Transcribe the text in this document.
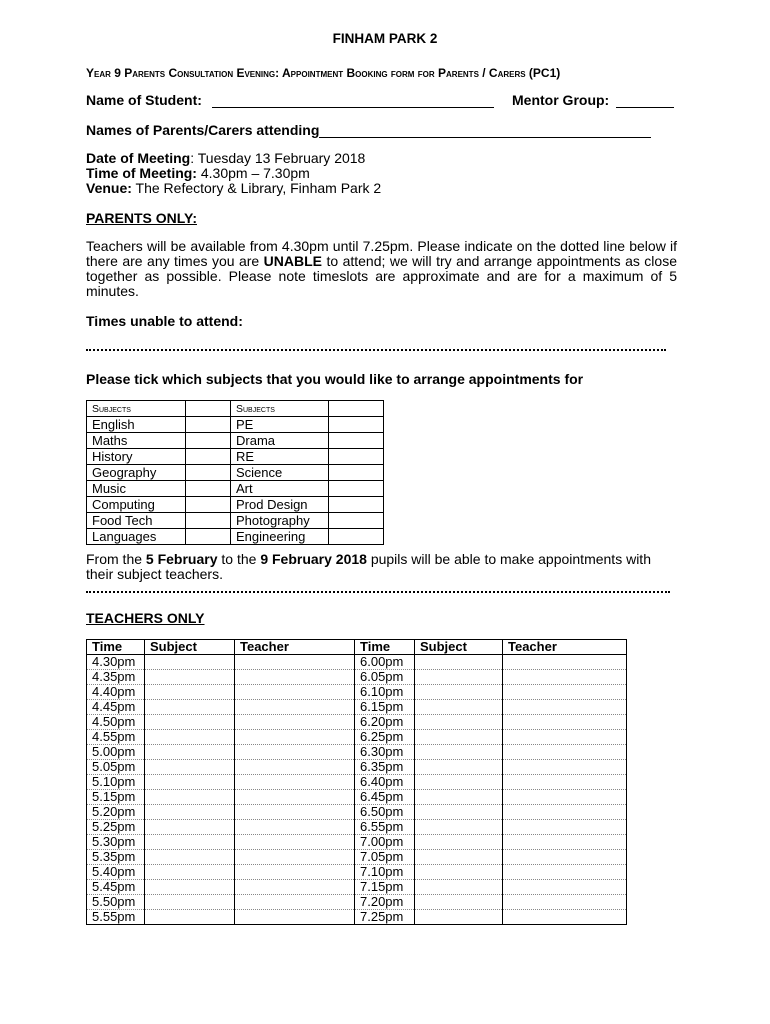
FINHAM PARK 2
Year 9 Parents Consultation Evening: Appointment Booking form for Parents / Carers (PC1)
Name of Student:	Mentor Group:
Names of Parents/Carers attending
Date of Meeting: Tuesday 13 February 2018
Time of Meeting: 4.30pm – 7.30pm
Venue: The Refectory & Library, Finham Park 2
PARENTS ONLY:
Teachers will be available from 4.30pm until 7.25pm. Please indicate on the dotted line below if there are any times you are UNABLE to attend; we will try and arrange appointments as close together as possible. Please note timeslots are approximate and are for a maximum of 5 minutes.
Times unable to attend:
Please tick which subjects that you would like to arrange appointments for
Subjects		Subjects	
English		PE	
Maths		Drama	
History		RE	
Geography		Science	
Music		Art	
Computing		Prod Design	
Food Tech		Photography	
Languages		Engineering	
From the 5 February to the 9 February 2018 pupils will be able to make appointments with their subject teachers.
TEACHERS ONLY
Time	Subject	Teacher	Time	Subject	Teacher
4.30pm			6.00pm		
4.35pm			6.05pm		
4.40pm			6.10pm		
4.45pm			6.15pm		
4.50pm			6.20pm		
4.55pm			6.25pm		
5.00pm			6.30pm		
5.05pm			6.35pm		
5.10pm			6.40pm		
5.15pm			6.45pm		
5.20pm			6.50pm		
5.25pm			6.55pm		
5.30pm			7.00pm		
5.35pm			7.05pm		
5.40pm			7.10pm		
5.45pm			7.15pm		
5.50pm			7.20pm		
5.55pm			7.25pm		
